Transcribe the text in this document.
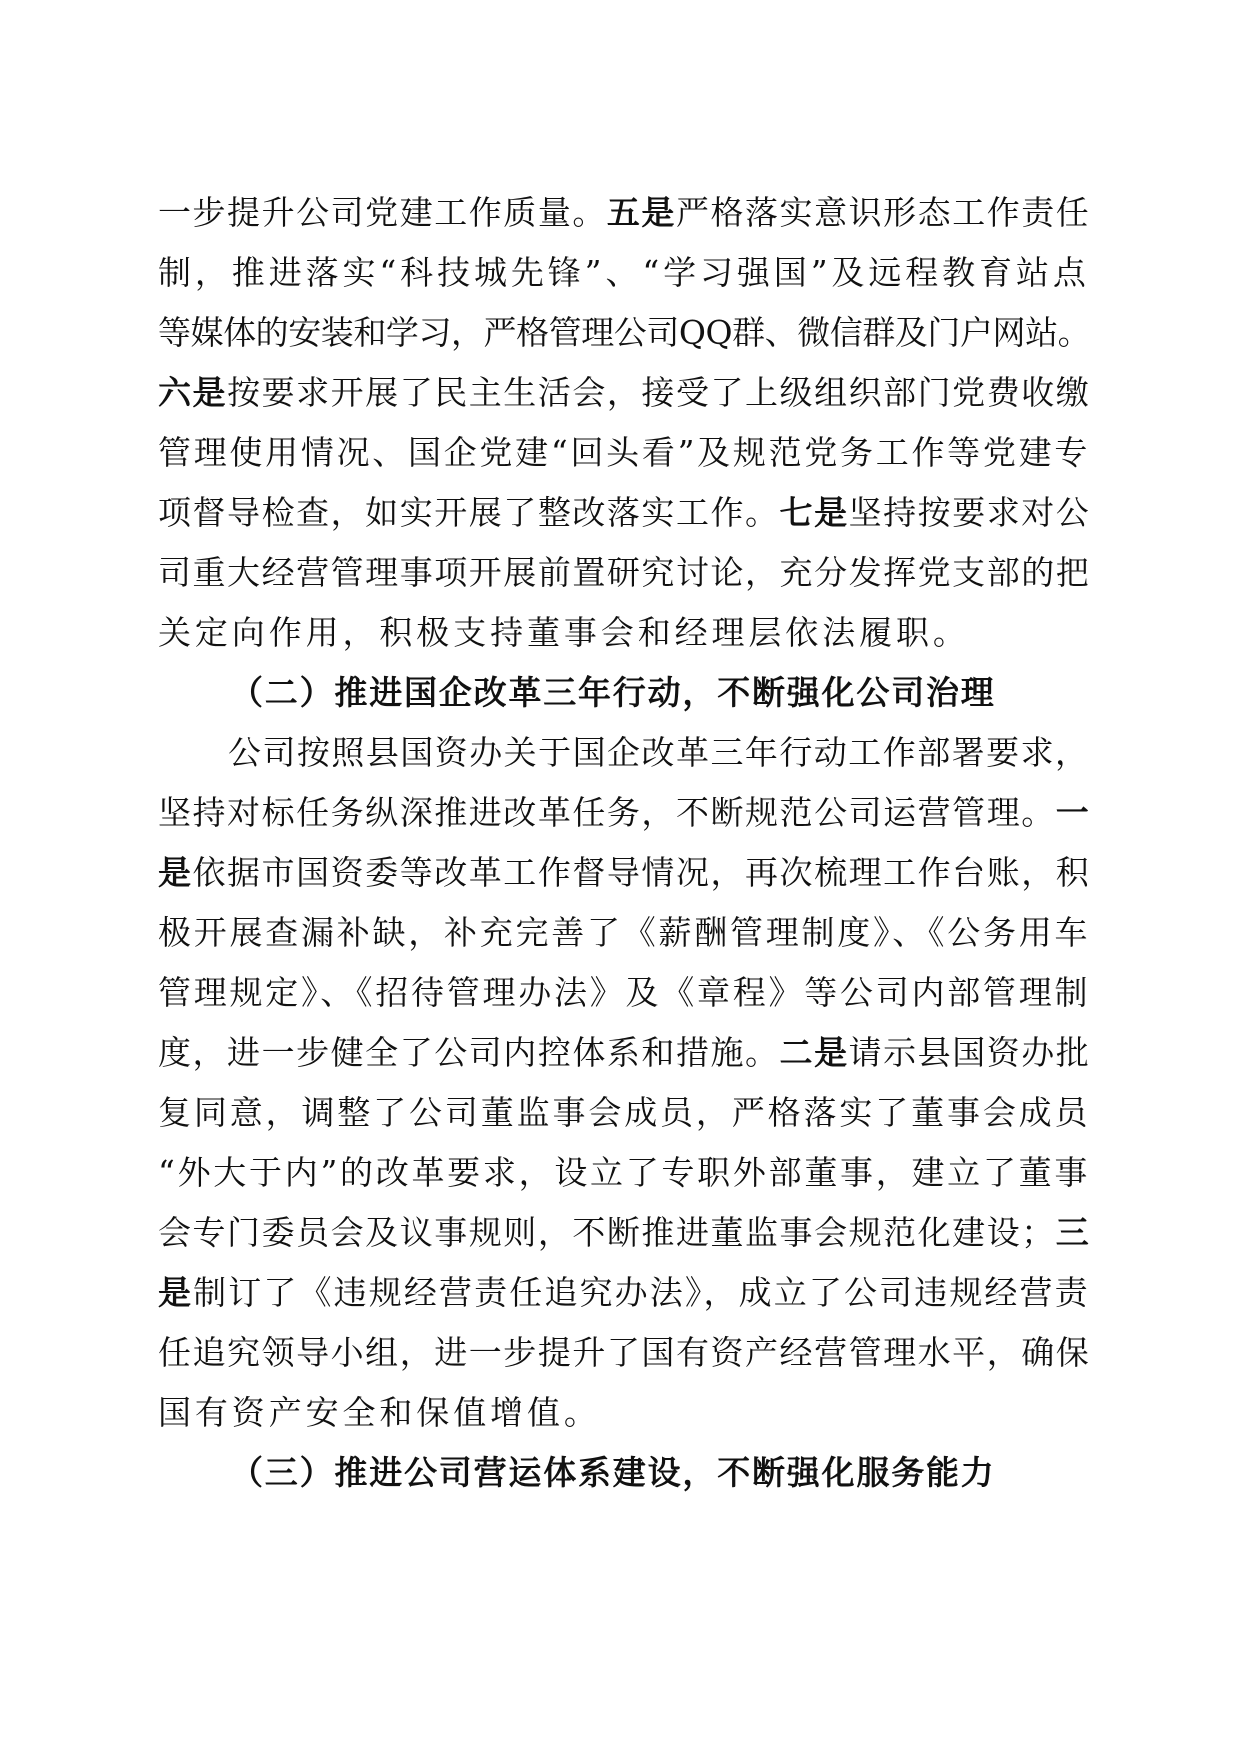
一步提升公司党建工作质量。五是严格落实意识形态工作责任
制，推进落实“科技城先锋”、“学习强国”及远程教育站点
等媒体的安装和学习，严格管理公司QQ群、微信群及门户网站。
六是按要求开展了民主生活会，接受了上级组织部门党费收缴
管理使用情况、国企党建“回头看”及规范党务工作等党建专
项督导检查，如实开展了整改落实工作。七是坚持按要求对公
司重大经营管理事项开展前置研究讨论，充分发挥党支部的把
关定向作用，积极支持董事会和经理层依法履职。
（二）推进国企改革三年行动，不断强化公司治理
公司按照县国资办关于国企改革三年行动工作部署要求，
坚持对标任务纵深推进改革任务，不断规范公司运营管理。一
是依据市国资委等改革工作督导情况，再次梳理工作台账，积
极开展查漏补缺，补充完善了《薪酬管理制度》、《公务用车
管理规定》、《招待管理办法》及《章程》等公司内部管理制
度，进一步健全了公司内控体系和措施。二是请示县国资办批
复同意，调整了公司董监事会成员，严格落实了董事会成员
“外大于内”的改革要求，设立了专职外部董事，建立了董事
会专门委员会及议事规则，不断推进董监事会规范化建设；三
是制订了《违规经营责任追究办法》，成立了公司违规经营责
任追究领导小组，进一步提升了国有资产经营管理水平，确保
国有资产安全和保值增值。
（三）推进公司营运体系建设，不断强化服务能力
